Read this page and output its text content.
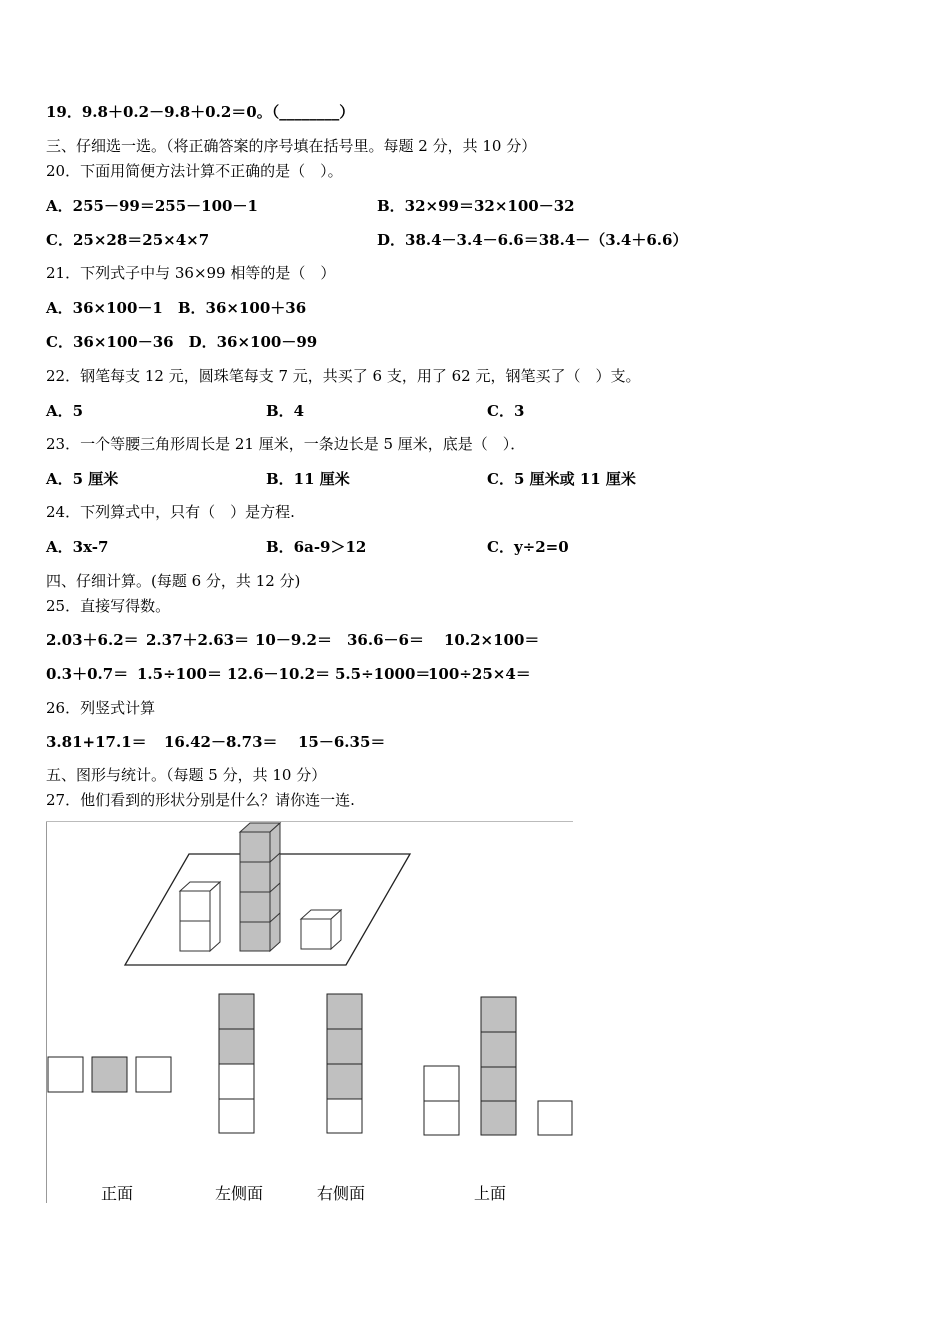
19．9.8＋0.2－9.8＋0.2＝0。（________）
三、仔细选一选。（将正确答案的序号填在括号里。每题 2 分，共 10 分）
20．下面用简便方法计算不正确的是（　）。
A．255－99＝255－100－1	B．32×99＝32×100－32
C．25×28＝25×4×7	D．38.4－3.4－6.6＝38.4－（3.4＋6.6）
21．下列式子中与 36×99 相等的是（　）
A．36×100－1　B．36×100＋36
C．36×100－36　D．36×100－99
22．钢笔每支 12 元，圆珠笔每支 7 元，共买了 6 支，用了 62 元，钢笔买了（　）支。
A．5	B．4	C．3
23．一个等腰三角形周长是 21 厘米，一条边长是 5 厘米，底是（　）．
A．5 厘米	B．11 厘米	C．5 厘米或 11 厘米
24．下列算式中，只有（　）是方程.
A．3x-7	B．6a-9＞12	C．y÷2=0
四、仔细计算。(每题 6 分，共 12 分)
25．直接写得数。
2.03＋6.2＝ 2.37＋2.63＝ 10－9.2＝ 36.6－6＝ 10.2×100＝
0.3＋0.7＝ 1.5÷100＝ 12.6－10.2＝ 5.5÷1000＝
100÷25×4＝
26．列竖式计算
3.81+17.1＝ 16.42－8.73＝ 15－6.35＝
五、图形与统计。（每题 5 分，共 10 分）
27．他们看到的形状分别是什么？请你连一连.
正面	左侧面	右侧面	上面
